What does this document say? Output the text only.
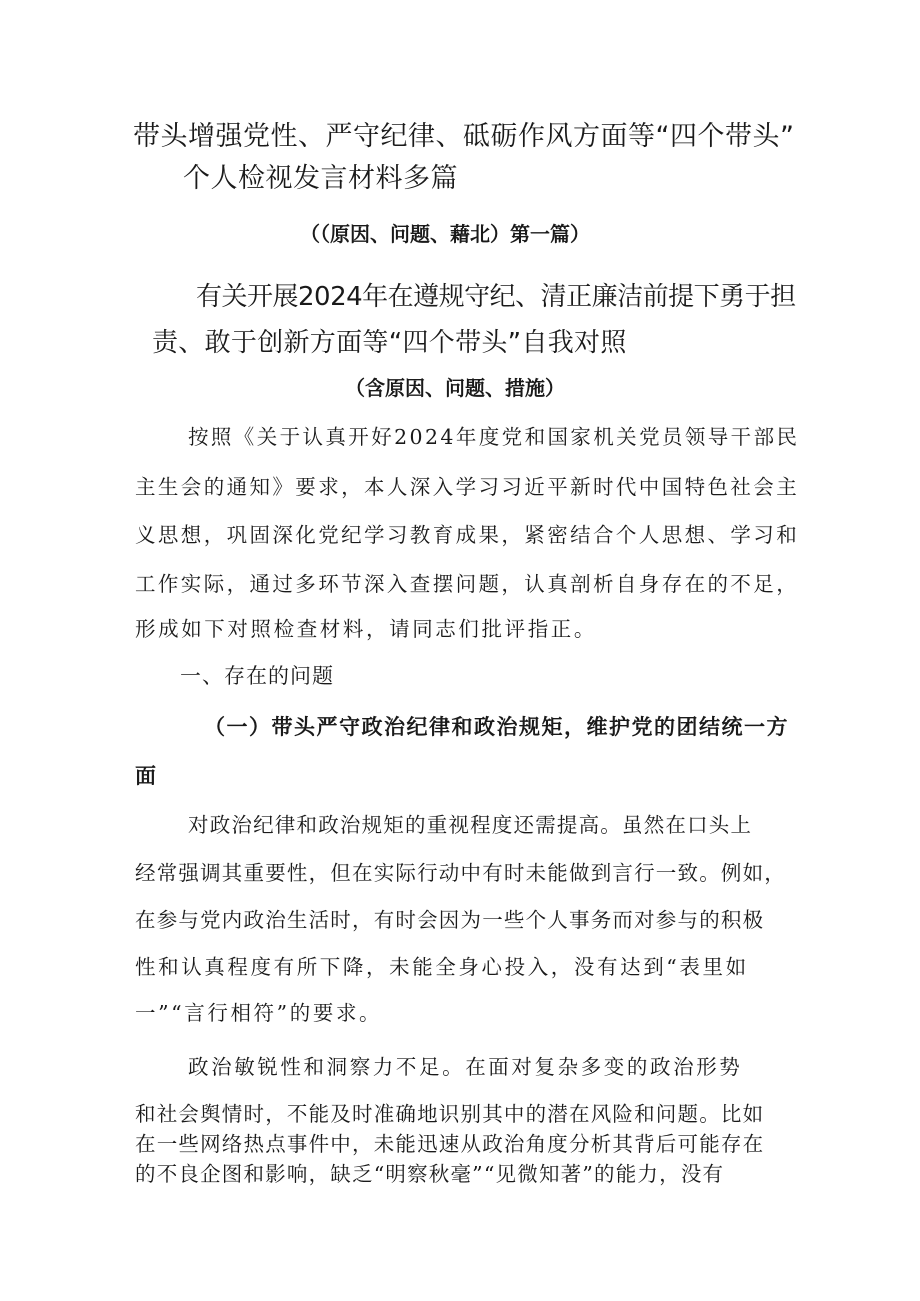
带头增强党性、严守纪律、砥砺作风方面等“四个带头”
个人检视发言材料多篇
（（原因、问题、藉北）第一篇）
有关开展2024年在遵规守纪、清正廉洁前提下勇于担
责、敢于创新方面等“四个带头”自我对照
（含原因、问题、措施）
按照《关于认真开好2024年度党和国家机关党员领导干部民
主生会的通知》要求，本人深入学习习近平新时代中国特色社会主
义思想，巩固深化党纪学习教育成果，紧密结合个人思想、学习和
工作实际，通过多环节深入查摆问题，认真剖析自身存在的不足，
形成如下对照检查材料，请同志们批评指正。
一、存在的问题
（一）带头严守政治纪律和政治规矩，维护党的团结统一方
面
对政治纪律和政治规矩的重视程度还需提高。虽然在口头上
经常强调其重要性，但在实际行动中有时未能做到言行一致。例如，
在参与党内政治生活时，有时会因为一些个人事务而对参与的积极
性和认真程度有所下降，未能全身心投入，没有达到“表里如
一”“言行相符”的要求。
政治敏锐性和洞察力不足。在面对复杂多变的政治形势
和社会舆情时，不能及时准确地识别其中的潜在风险和问题。比如
在一些网络热点事件中，未能迅速从政治角度分析其背后可能存在
的不良企图和影响，缺乏“明察秋毫”“见微知著”的能力，没有
